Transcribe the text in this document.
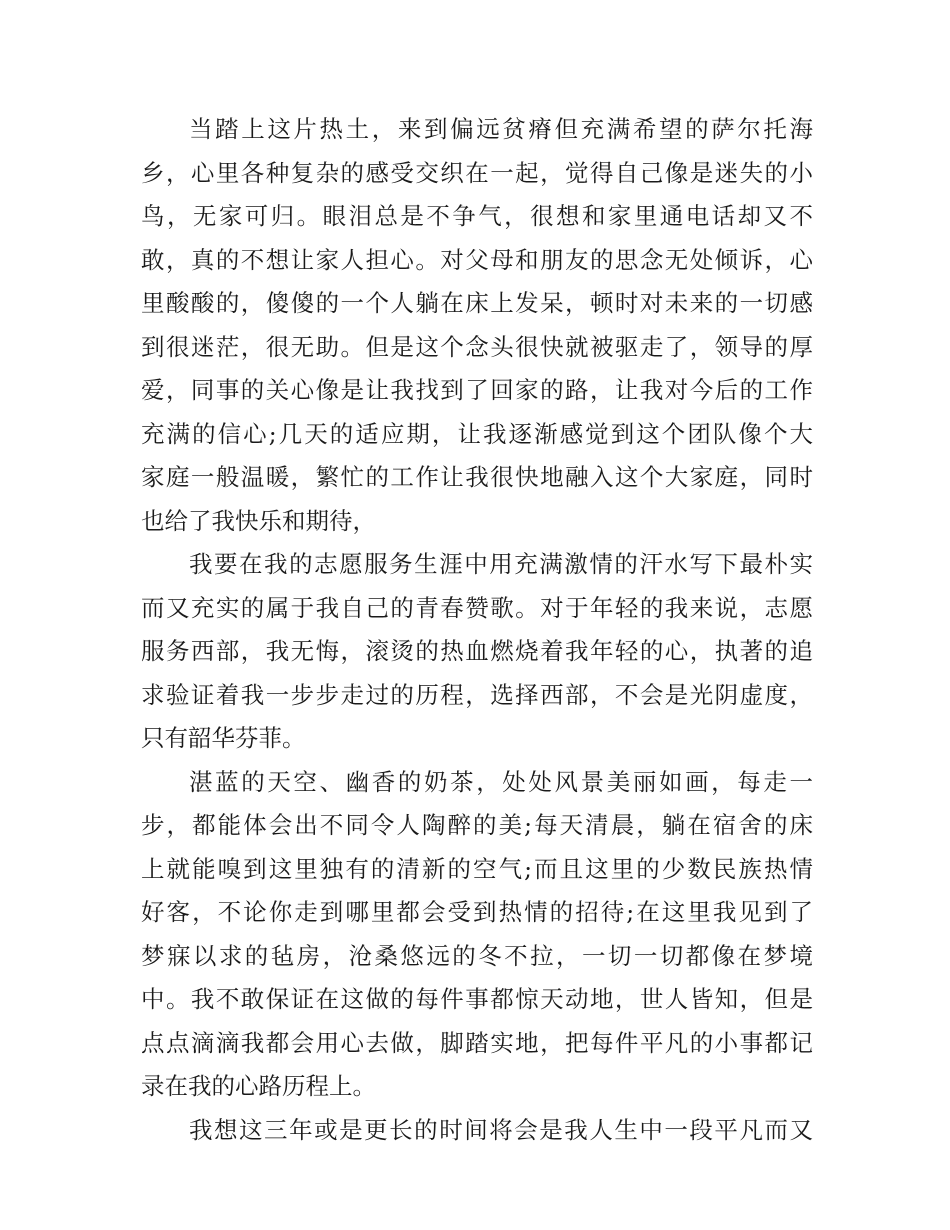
当踏上这片热土，来到偏远贫瘠但充满希望的萨尔托海
乡，心里各种复杂的感受交织在一起，觉得自己像是迷失的小
鸟，无家可归。眼泪总是不争气，很想和家里通电话却又不
敢，真的不想让家人担心。对父母和朋友的思念无处倾诉，心
里酸酸的，傻傻的一个人躺在床上发呆，顿时对未来的一切感
到很迷茫，很无助。但是这个念头很快就被驱走了，领导的厚
爱，同事的关心像是让我找到了回家的路，让我对今后的工作
充满的信心;几天的适应期，让我逐渐感觉到这个团队像个大
家庭一般温暖，繁忙的工作让我很快地融入这个大家庭，同时
也给了我快乐和期待，
我要在我的志愿服务生涯中用充满激情的汗水写下最朴实
而又充实的属于我自己的青春赞歌。对于年轻的我来说，志愿
服务西部，我无悔，滚烫的热血燃烧着我年轻的心，执著的追
求验证着我一步步走过的历程，选择西部，不会是光阴虚度，
只有韶华芬菲。
湛蓝的天空、幽香的奶茶，处处风景美丽如画，每走一
步，都能体会出不同令人陶醉的美;每天清晨，躺在宿舍的床
上就能嗅到这里独有的清新的空气;而且这里的少数民族热情
好客，不论你走到哪里都会受到热情的招待;在这里我见到了
梦寐以求的毡房，沧桑悠远的冬不拉，一切一切都像在梦境
中。我不敢保证在这做的每件事都惊天动地，世人皆知，但是
点点滴滴我都会用心去做，脚踏实地，把每件平凡的小事都记
录在我的心路历程上。
我想这三年或是更长的时间将会是我人生中一段平凡而又
